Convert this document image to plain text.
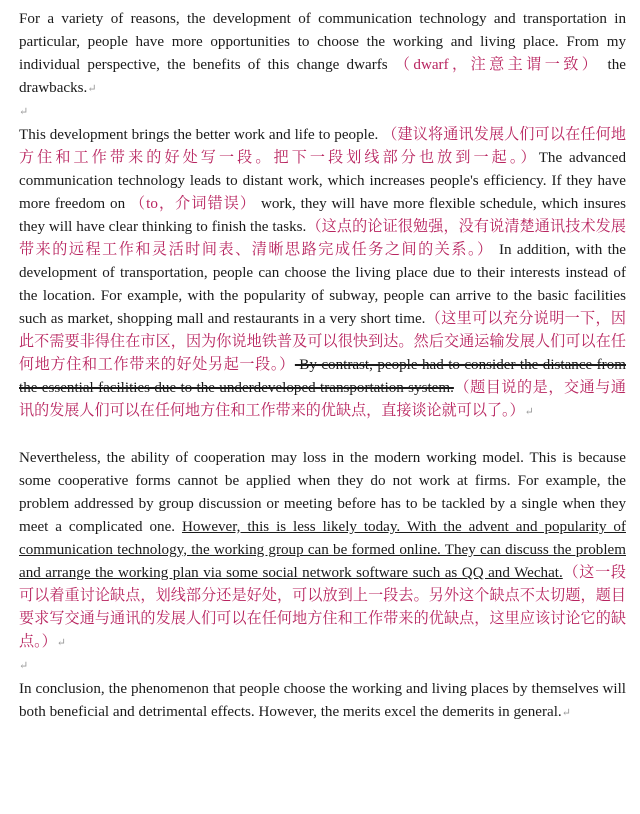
For a variety of reasons, the development of communication technology and transportation in particular, people have more opportunities to choose the working and living place. From my individual perspective, the benefits of this change dwarfs （dwarf，注意主谓一致） the drawbacks.↵

↵

This development brings the better work and life to people. （建议将通讯发展人们可以在任何地方住和工作带来的好处写一段。把下一段划线部分也放到一起。）The advanced communication technology leads to distant work, which increases people's efficiency. If they have more freedom on （to，介词错误） work, they will have more flexible schedule, which insures they will have clear thinking to finish the tasks.（这点的论证很勉强，没有说清楚通讯技术发展带来的远程工作和灵活时间表、清晰思路完成任务之间的关系。） In addition, with the development of transportation, people can choose the living place due to their interests instead of the location. For example, with the popularity of subway, people can arrive to the basic facilities such as market, shopping mall and restaurants in a very short time.（这里可以充分说明一下，因此不需要非得住在市区，因为你说地铁普及可以很快到达。然后交通运输发展人们可以在任何地方住和工作带来的好处另起一段。） By contrast, people had to consider the distance from the essential facilities due to the underdeveloped transportation system.（题目说的是，交通与通讯的发展人们可以在任何地方住和工作带来的优缺点，直接谈论就可以了。）↵

Nevertheless, the ability of cooperation may loss in the modern working model. This is because some cooperative forms cannot be applied when they do not work at firms. For example, the problem addressed by group discussion or meeting before has to be tackled by a single when they meet a complicated one. However, this is less likely today. With the advent and popularity of communication technology, the working group can be formed online. They can discuss the problem and arrange the working plan via some social network software such as QQ and Wechat.（这一段可以着重讨论缺点，划线部分还是好处，可以放到上一段去。另外这个缺点不太切题，题目要求写交通与通讯的发展人们可以在任何地方住和工作带来的优缺点，这里应该讨论它的缺点。）↵

↵

In conclusion, the phenomenon that people choose the working and living places by themselves will both beneficial and detrimental effects. However, the merits excel the demerits in general.↵
